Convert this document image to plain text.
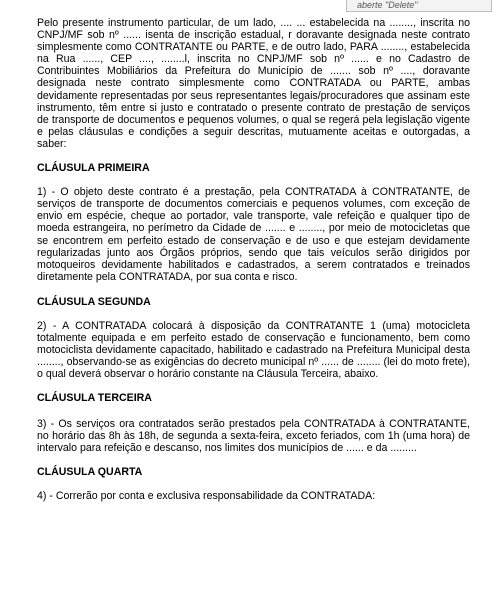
aberte "Delete"

Pelo presente instrumento particular, de um lado, .... ... estabelecida na ........, inscrita no CNPJ/MF sob nº ...... isenta de inscrição estadual, r doravante designada neste contrato simplesmente como CONTRATANTE ou PARTE, e de outro lado, PARA ........, estabelecida na Rua ......, CEP ...., ........l, inscrita no CNPJ/MF sob nº ...... e no Cadastro de Contribuintes Mobiliários da Prefeitura do Município de ....... sob nº ...., doravante designada neste contrato simplesmente como CONTRATADA ou PARTE, ambas devidamente representadas por seus representantes legais/procuradores que assinam este instrumento, têm entre si justo e contratado o presente contrato de prestação de serviços de transporte de documentos e pequenos volumes, o qual se regerá pela legislação vigente e pelas cláusulas e condições a seguir descritas, mutuamente aceitas e outorgadas, a saber:

CLÁUSULA PRIMEIRA

1) - O objeto deste contrato é a prestação, pela CONTRATADA à CONTRATANTE, de serviços de transporte de documentos comerciais e pequenos volumes, com exceção de envio em espécie, cheque ao portador, vale transporte, vale refeição e qualquer tipo de moeda estrangeira, no perímetro da Cidade de ....... e ........, por meio de motocicletas que se encontrem em perfeito estado de conservação e de uso e que estejam devidamente regularizadas junto aos Órgãos próprios, sendo que tais veículos serão dirigidos por motoqueiros devidamente habilitados e cadastrados, a serem contratados e treinados diretamente pela CONTRATADA, por sua conta e risco.

CLÁUSULA SEGUNDA

2) - A CONTRATADA colocará à disposição da CONTRATANTE 1 (uma) motocicleta totalmente equipada e em perfeito estado de conservação e funcionamento, bem como motociclista devidamente capacitado, habilitado e cadastrado na Prefeitura Municipal desta ........, observando-se as exigências do decreto municipal nº ...... de ........ (lei do moto frete), o qual deverá observar o horário constante na Cláusula Terceira, abaixo.

CLÁUSULA TERCEIRA

3) - Os serviços ora contratados serão prestados pela CONTRATADA à CONTRATANTE, no horário das 8h às 18h, de segunda a sexta-feira, exceto feriados, com 1h (uma hora) de intervalo para refeição e descanso, nos limites dos municípios de ...... e da .........

CLÁUSULA QUARTA

4) - Correrão por conta e exclusiva responsabilidade da CONTRATADA:
